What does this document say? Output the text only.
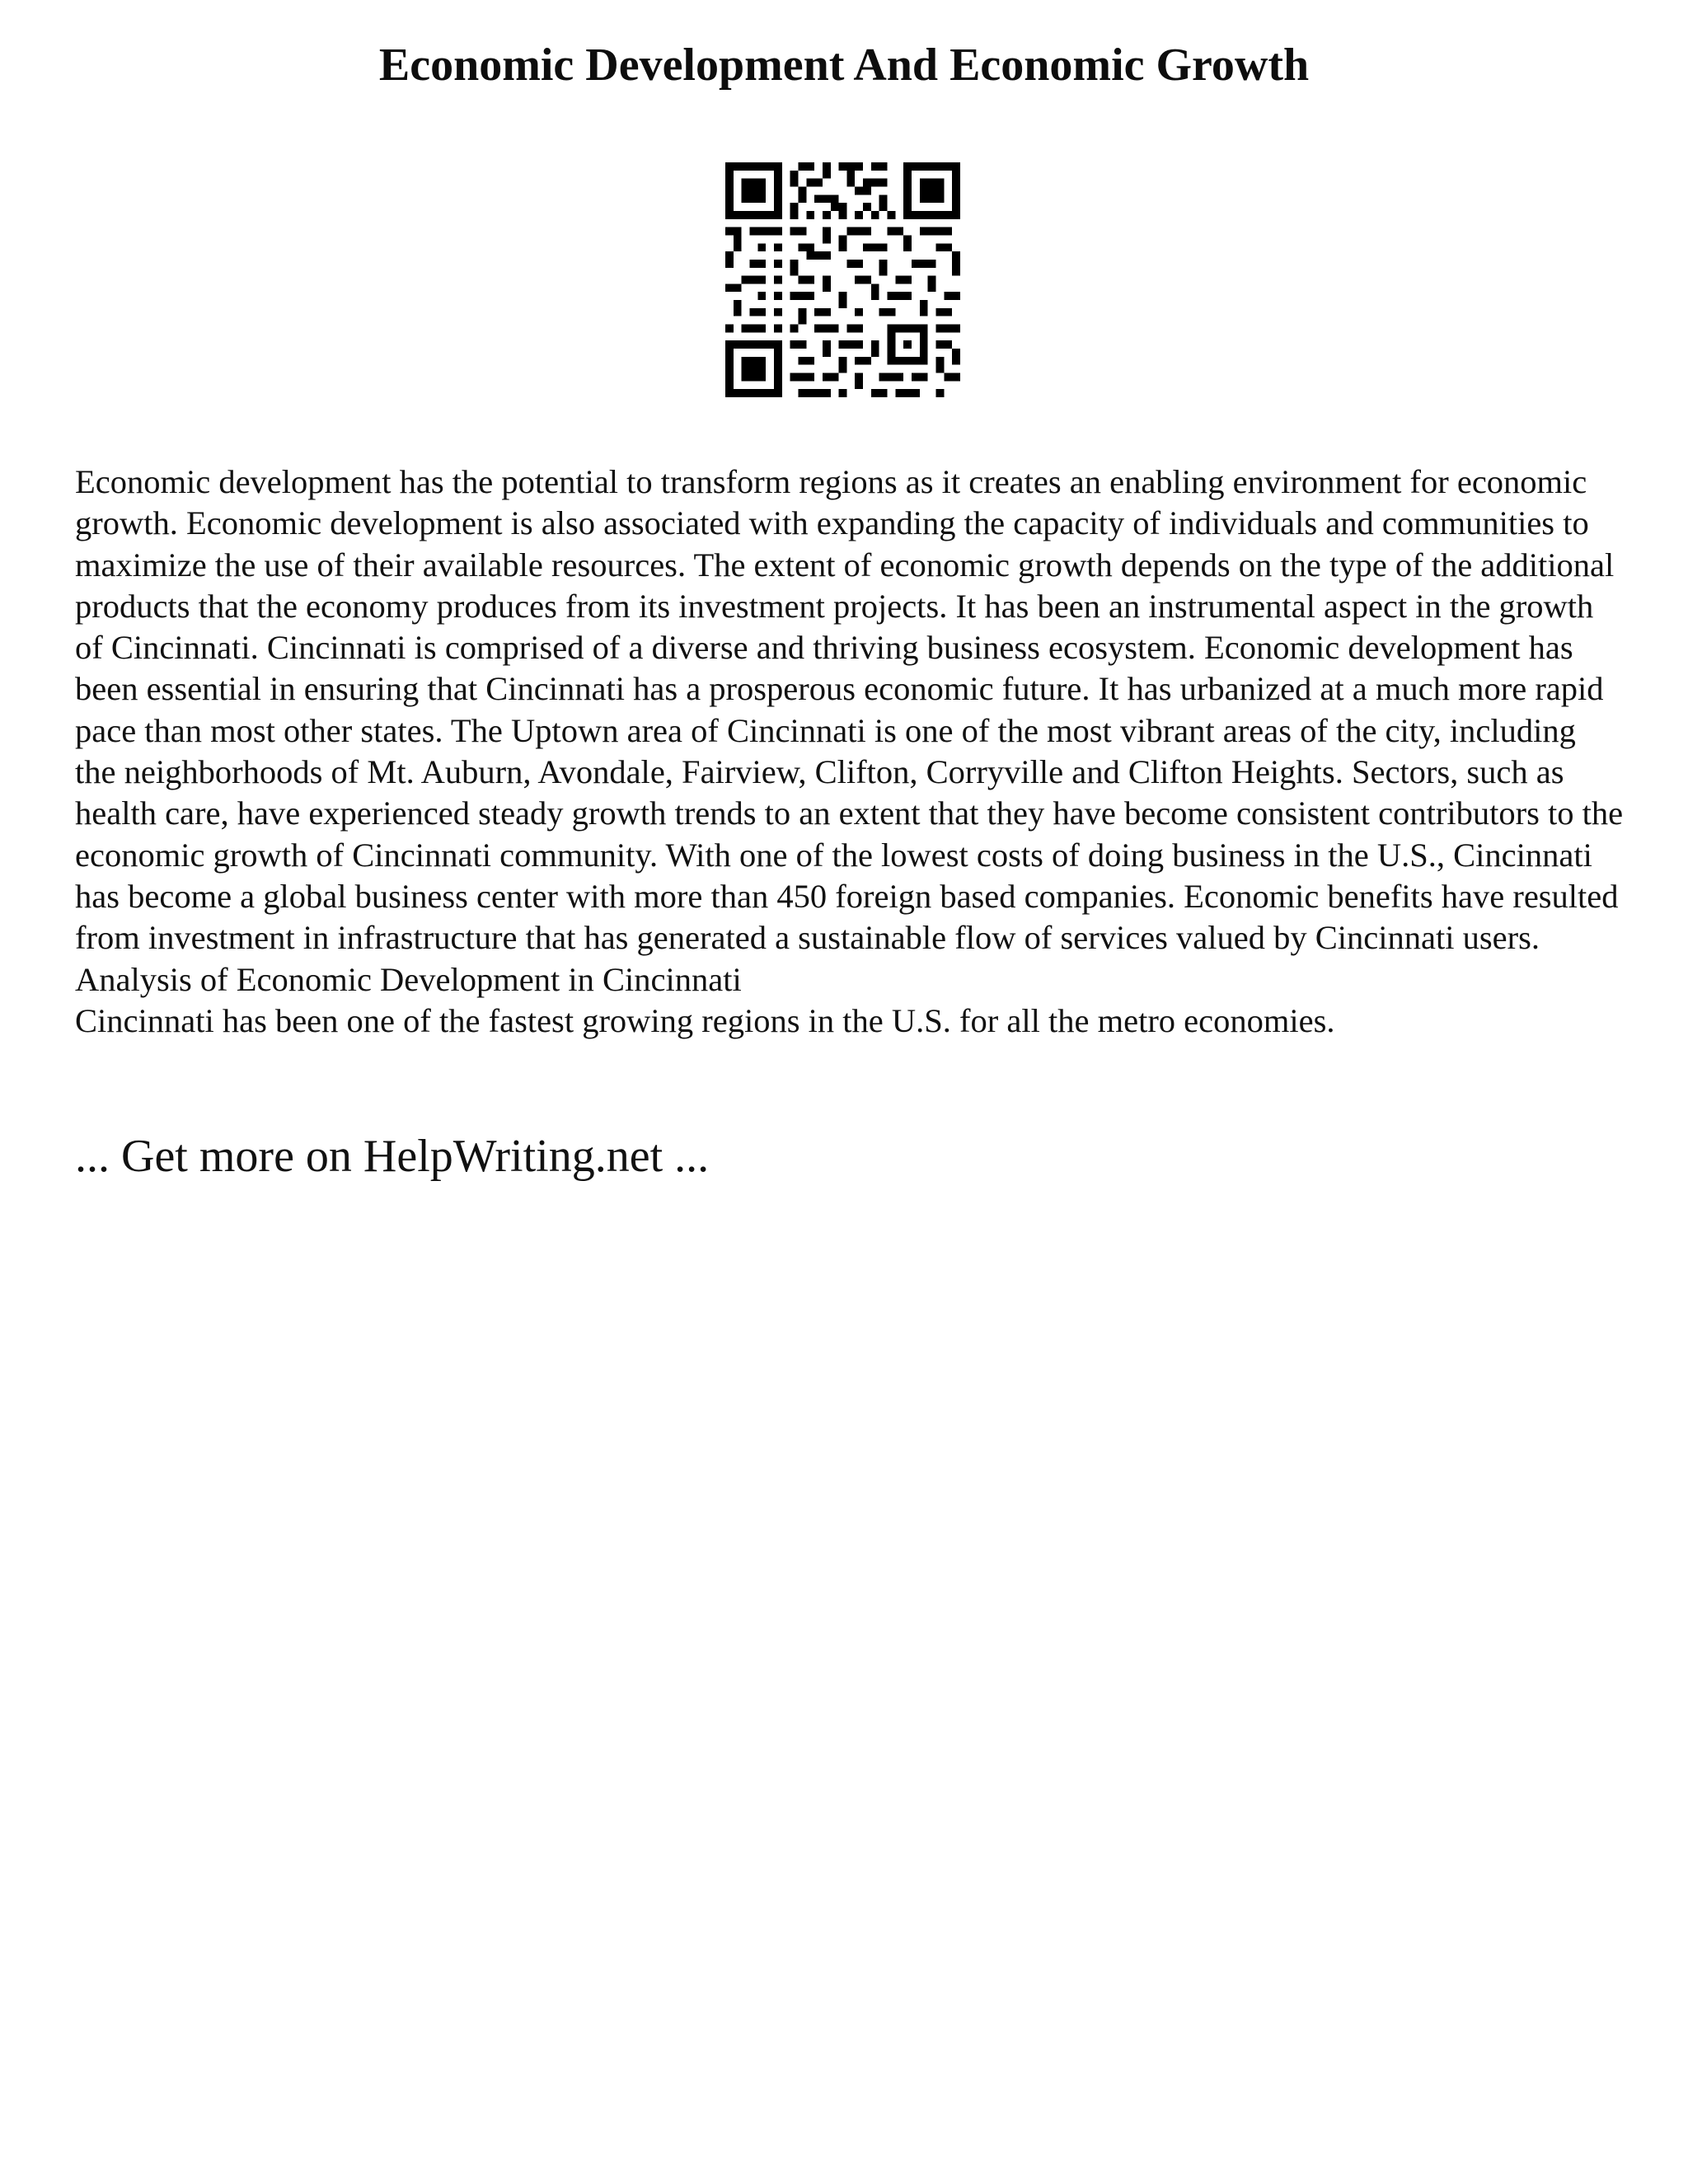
Economic Development And Economic Growth

Economic development has the potential to transform regions as it creates an enabling environment for economic growth. Economic development is also associated with expanding the capacity of individuals and communities to maximize the use of their available resources. The extent of economic growth depends on the type of the additional products that the economy produces from its investment projects. It has been an instrumental aspect in the growth of Cincinnati. Cincinnati is comprised of a diverse and thriving business ecosystem. Economic development has been essential in ensuring that Cincinnati has a prosperous economic future. It has urbanized at a much more rapid pace than most other states. The Uptown area of Cincinnati is one of the most vibrant areas of the city, including the neighborhoods of Mt. Auburn, Avondale, Fairview, Clifton, Corryville and Clifton Heights. Sectors, such as health care, have experienced steady growth trends to an extent that they have become consistent contributors to the economic growth of Cincinnati community. With one of the lowest costs of doing business in the U.S., Cincinnati has become a global business center with more than 450 foreign based companies. Economic benefits have resulted from investment in infrastructure that has generated a sustainable flow of services valued by Cincinnati users.

Analysis of Economic Development in Cincinnati

Cincinnati has been one of the fastest growing regions in the U.S. for all the metro economies.

... Get more on HelpWriting.net ...
